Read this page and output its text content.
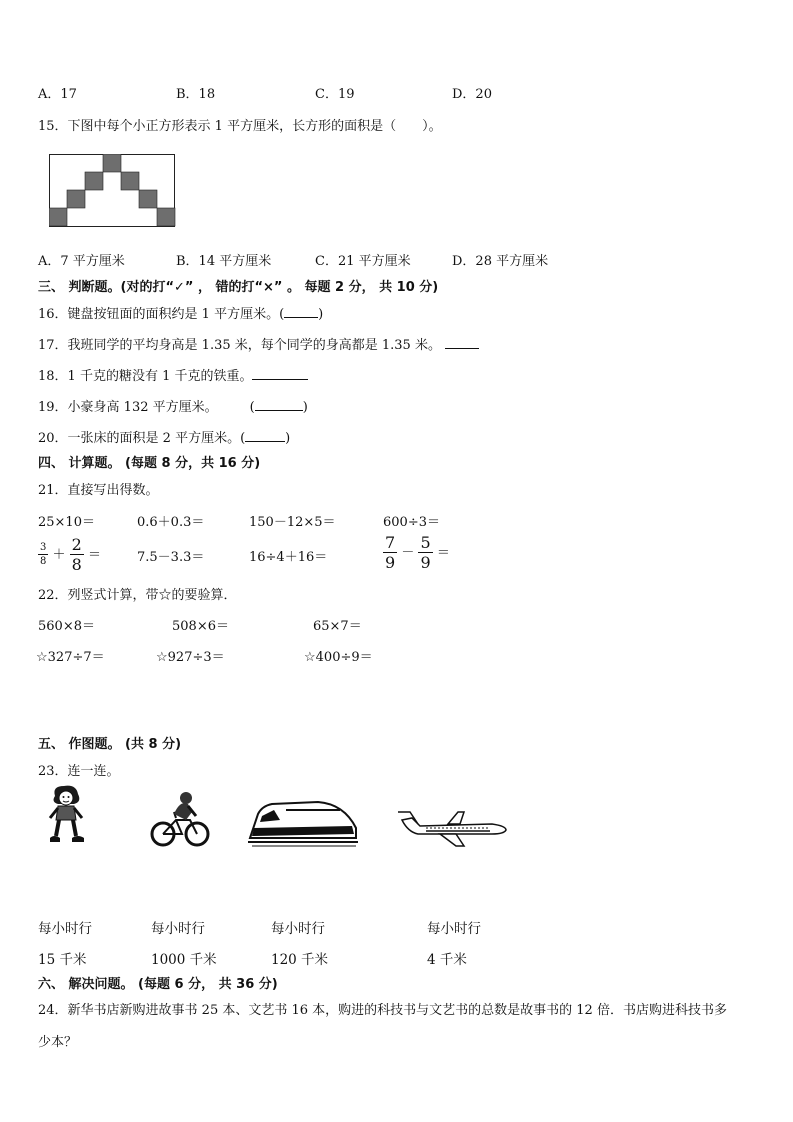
A．17	B．18	C．19	D．20
15．下图中每个小正方形表示 1 平方厘米，长方形的面积是（　　）。
A．7 平方厘米	B．14 平方厘米	C．21 平方厘米	D．28 平方厘米
三、 判断题。(对的打“✓” ， 错的打“×” 。 每题 2 分， 共 10 分)
16．键盘按钮面的面积约是 1 平方厘米。(	)
17．我班同学的平均身高是 1.35 米，每个同学的身高都是 1.35 米。
18．1 千克的糖没有 1 千克的铁重。
19．小豪身高 132 平方厘米。 (	)
20．一张床的面积是 2 平方厘米。(	)
四、 计算题。 (每题 8 分，共 16 分)
21．直接写出得数。
25×10＝	0.6＋0.3＝	150－12×5＝	600÷3＝
$\frac{3}{8} + \frac{2}{8}$ ＝	7.5－3.3＝	16÷4＋16＝	$\frac{7}{9} - \frac{5}{9}$ ＝
22．列竖式计算，带☆的要验算．
560×8＝	508×6＝	65×7＝
☆327÷7＝	☆927÷3＝	☆400÷9＝
五、 作图题。 (共 8 分)
23．连一连。
每小时行	每小时行	每小时行	每小时行
15 千米	1000 千米	120 千米	4 千米
六、 解决问题。 (每题 6 分， 共 36 分)
24．新华书店新购进故事书 25 本、文艺书 16 本，购进的科技书与文艺书的总数是故事书的 12 倍．书店购进科技书多
少本？
